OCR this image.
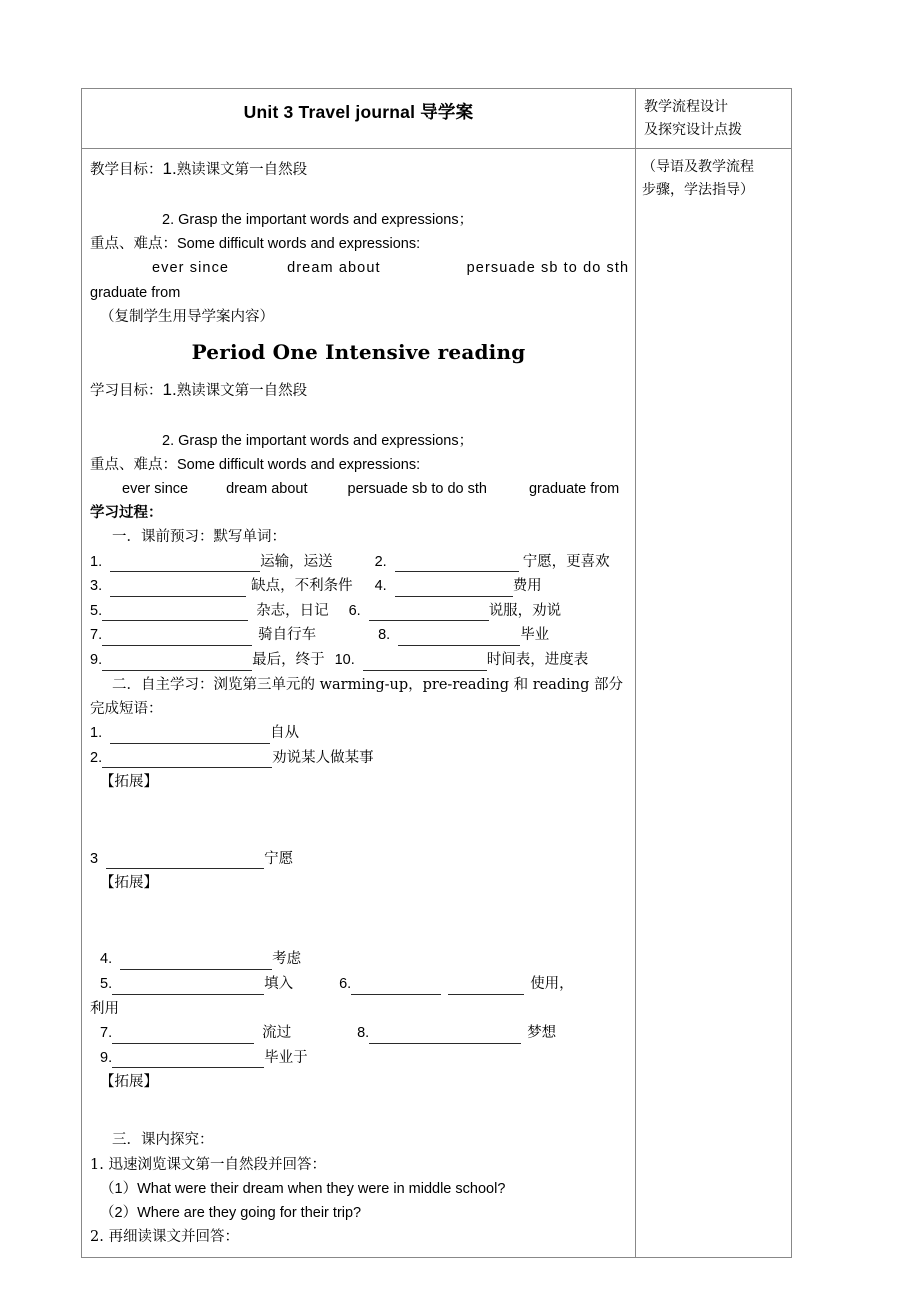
Unit 3 Travel journal 导学案	教学流程设计
及探究设计点拨

教学目标：1.熟读课文第一自然段

2. Grasp the important words and expressions；
重点、难点：Some difficult words and expressions:
ever since	dream about	persuade sb to do sth
graduate from
（复制学生用导学案内容）
Period One Intensive reading
学习目标：1.熟读课文第一自然段

2. Grasp the important words and expressions；
重点、难点：Some difficult words and expressions:
ever since	dream about	persuade sb to do sth	graduate from
学习过程：
一．课前预习：默写单词：
1.	运输，运送	2.	宁愿，更喜欢
3.	缺点，不利条件 4.	费用
5.	杂志，日记 6.	说服，劝说
7.	骑自行车	8.	毕业
9.	最后，终于 10.	时间表，进度表
二．自主学习：浏览第三单元的 warming-up，pre-reading 和 reading 部分
完成短语：
1.	自从
2.	劝说某人做某事
【拓展】
3	宁愿
【拓展】
4.	考虑
5.	填入	6.	使用，
利用
7.	流过	8.	梦想
9.	毕业于
【拓展】
三．课内探究：
1. 迅速浏览课文第一自然段并回答：
（1）What were their dream when they were in middle school?
（2）Where are they going for their trip?
2. 再细读课文并回答：

（导语及教学流程
步骤，学法指导）
